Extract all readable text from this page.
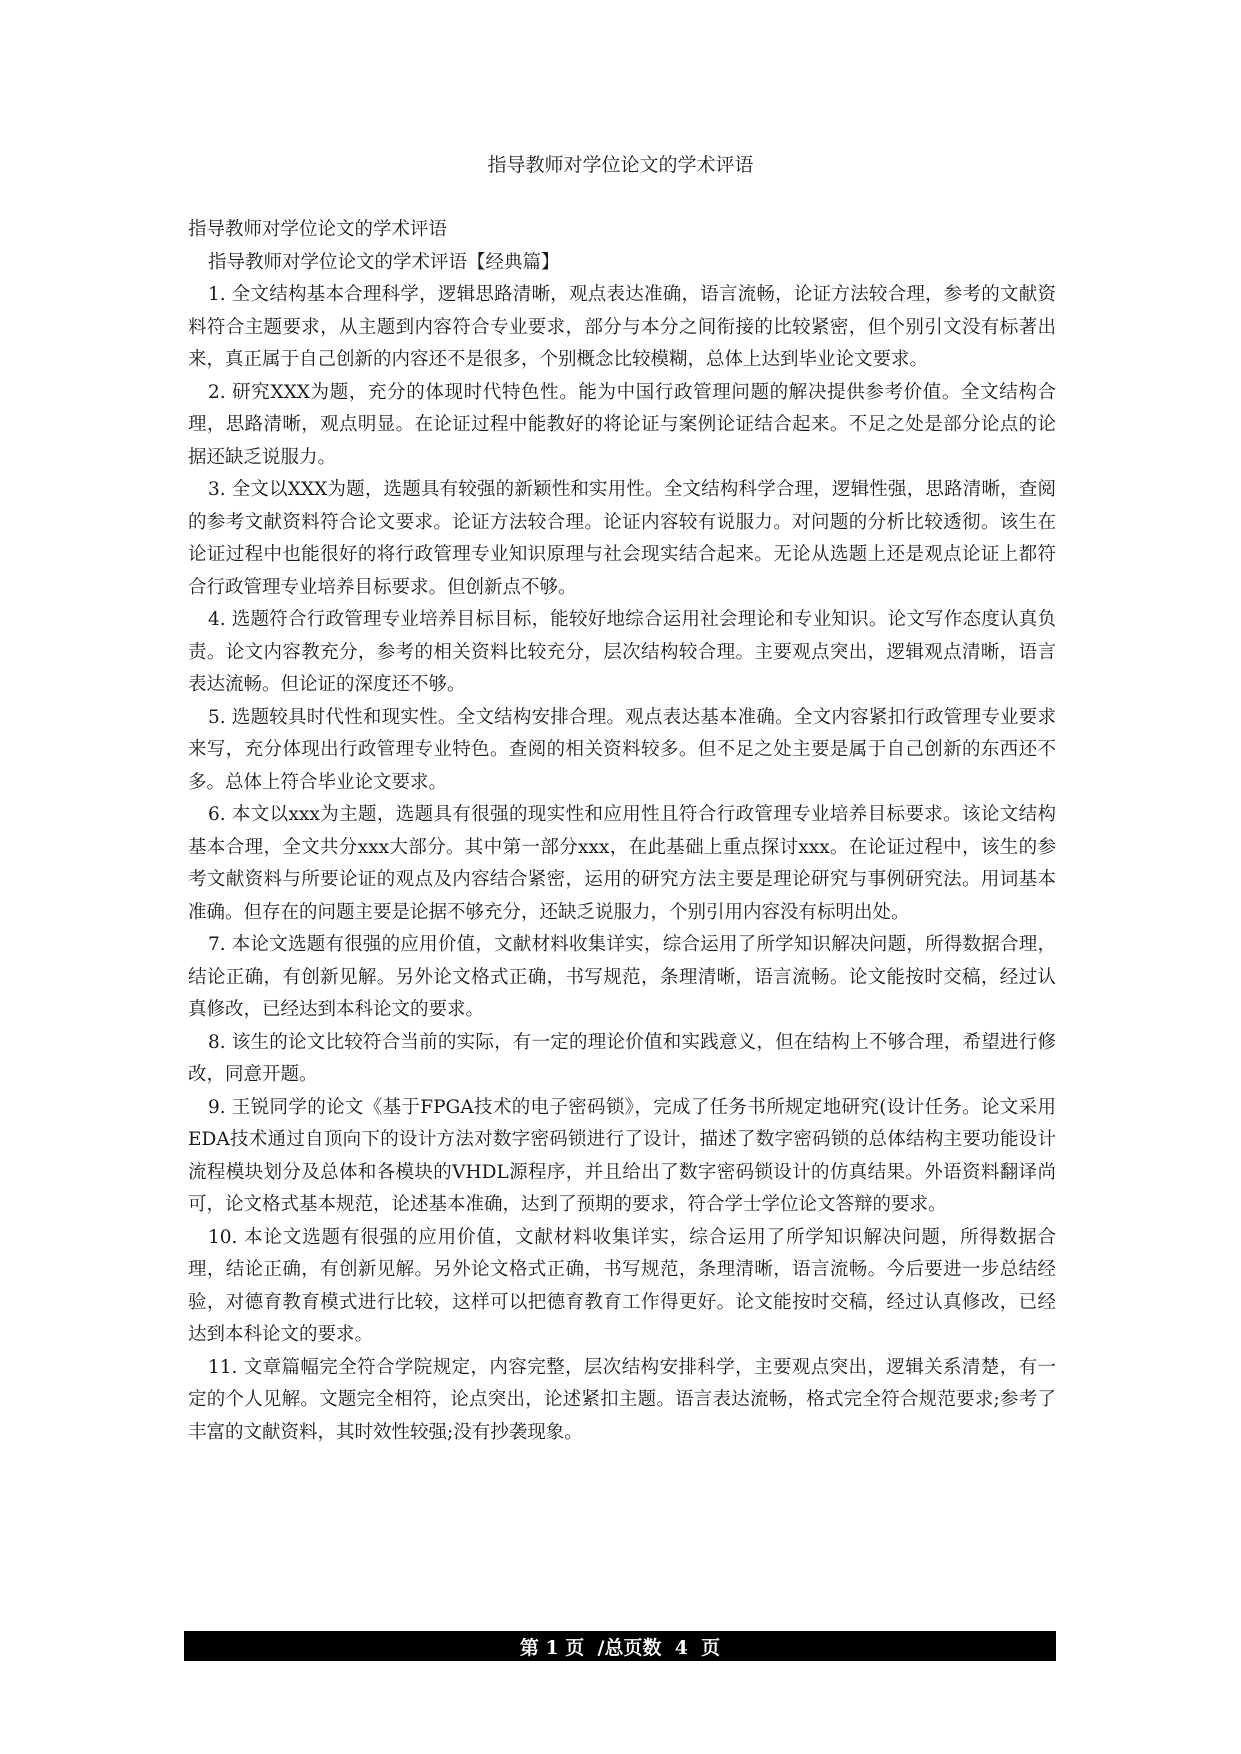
指导教师对学位论文的学术评语

指导教师对学位论文的学术评语

指导教师对学位论文的学术评语【经典篇】

1. 全文结构基本合理科学，逻辑思路清晰，观点表达准确，语言流畅，论证方法较合理，参考的文献资料符合主题要求，从主题到内容符合专业要求，部分与本分之间衔接的比较紧密，但个别引文没有标著出来，真正属于自己创新的内容还不是很多，个别概念比较模糊，总体上达到毕业论文要求。

2. 研究XXX为题，充分的体现时代特色性。能为中国行政管理问题的解决提供参考价值。全文结构合理，思路清晰，观点明显。在论证过程中能教好的将论证与案例论证结合起来。不足之处是部分论点的论据还缺乏说服力。

3. 全文以XXX为题，选题具有较强的新颖性和实用性。全文结构科学合理，逻辑性强，思路清晰，查阅的参考文献资料符合论文要求。论证方法较合理。论证内容较有说服力。对问题的分析比较透彻。该生在论证过程中也能很好的将行政管理专业知识原理与社会现实结合起来。无论从选题上还是观点论证上都符合行政管理专业培养目标要求。但创新点不够。

4. 选题符合行政管理专业培养目标目标，能较好地综合运用社会理论和专业知识。论文写作态度认真负责。论文内容教充分，参考的相关资料比较充分，层次结构较合理。主要观点突出，逻辑观点清晰，语言表达流畅。但论证的深度还不够。

5. 选题较具时代性和现实性。全文结构安排合理。观点表达基本准确。全文内容紧扣行政管理专业要求来写，充分体现出行政管理专业特色。查阅的相关资料较多。但不足之处主要是属于自己创新的东西还不多。总体上符合毕业论文要求。

6. 本文以xxx为主题，选题具有很强的现实性和应用性且符合行政管理专业培养目标要求。该论文结构基本合理，全文共分xxx大部分。其中第一部分xxx，在此基础上重点探讨xxx。在论证过程中，该生的参考文献资料与所要论证的观点及内容结合紧密，运用的研究方法主要是理论研究与事例研究法。用词基本准确。但存在的问题主要是论据不够充分，还缺乏说服力，个别引用内容没有标明出处。

7. 本论文选题有很强的应用价值，文献材料收集详实，综合运用了所学知识解决问题，所得数据合理，结论正确，有创新见解。另外论文格式正确，书写规范，条理清晰，语言流畅。论文能按时交稿，经过认真修改，已经达到本科论文的要求。

8. 该生的论文比较符合当前的实际，有一定的理论价值和实践意义，但在结构上不够合理，希望进行修改，同意开题。

9. 王锐同学的论文《基于FPGA技术的电子密码锁》，完成了任务书所规定地研究(设计任务。论文采用EDA技术通过自顶向下的设计方法对数字密码锁进行了设计，描述了数字密码锁的总体结构主要功能设计流程模块划分及总体和各模块的VHDL源程序，并且给出了数字密码锁设计的仿真结果。外语资料翻译尚可，论文格式基本规范，论述基本准确，达到了预期的要求，符合学士学位论文答辩的要求。

10. 本论文选题有很强的应用价值，文献材料收集详实，综合运用了所学知识解决问题，所得数据合理，结论正确，有创新见解。另外论文格式正确，书写规范，条理清晰，语言流畅。今后要进一步总结经验，对德育教育模式进行比较，这样可以把德育教育工作得更好。论文能按时交稿，经过认真修改，已经达到本科论文的要求。

11. 文章篇幅完全符合学院规定，内容完整，层次结构安排科学，主要观点突出，逻辑关系清楚，有一定的个人见解。文题完全相符，论点突出，论述紧扣主题。语言表达流畅，格式完全符合规范要求;参考了丰富的文献资料，其时效性较强;没有抄袭现象。

第 1 页  /总页数  4  页
